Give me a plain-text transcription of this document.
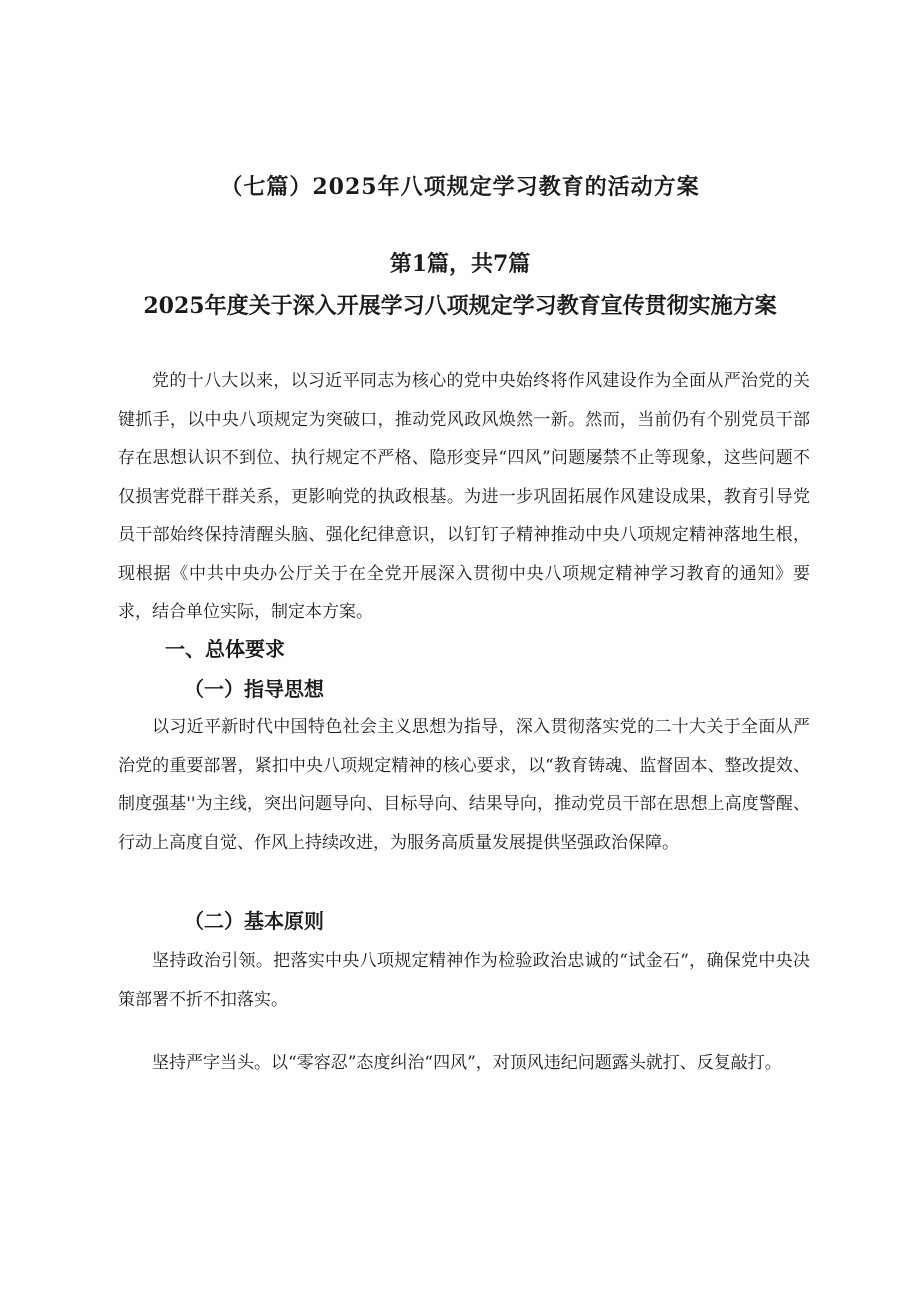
（七篇）2025年八项规定学习教育的活动方案
第1篇，共7篇
2025年度关于深入开展学习八项规定学习教育宣传贯彻实施方案

党的十八大以来，以习近平同志为核心的党中央始终将作风建设作为全面从严治党的关键抓手，以中央八项规定为突破口，推动党风政风焕然一新。然而，当前仍有个别党员干部存在思想认识不到位、执行规定不严格、隐形变异“四风”问题屡禁不止等现象，这些问题不仅损害党群干群关系，更影响党的执政根基。为进一步巩固拓展作风建设成果，教育引导党员干部始终保持清醒头脑、强化纪律意识，以钉钉子精神推动中央八项规定精神落地生根，现根据《中共中央办公厅关于在全党开展深入贯彻中央八项规定精神学习教育的通知》要求，结合单位实际，制定本方案。

一、总体要求
（一）指导思想

以习近平新时代中国特色社会主义思想为指导，深入贯彻落实党的二十大关于全面从严治党的重要部署，紧扣中央八项规定精神的核心要求，以“教育铸魂、监督固本、整改提效、制度强基''为主线，突出问题导向、目标导向、结果导向，推动党员干部在思想上高度警醒、行动上高度自觉、作风上持续改进，为服务高质量发展提供坚强政治保障。

（二）基本原则

坚持政治引领。把落实中央八项规定精神作为检验政治忠诚的“试金石“，确保党中央决策部署不折不扣落实。

坚持严字当头。以“零容忍”态度纠治“四风”，对顶风违纪问题露头就打、反复敲打。
